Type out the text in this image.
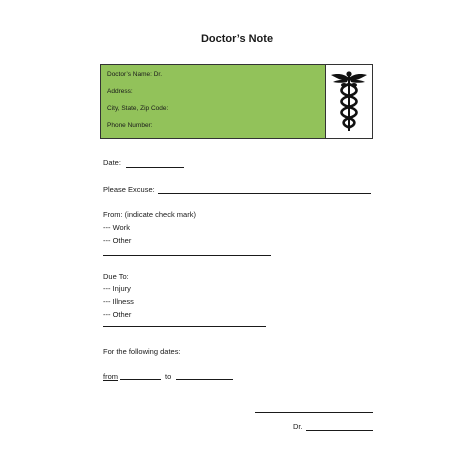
Doctor’s Note
Doctor’s Name: Dr.
Address:
City, State, Zip Code:
Phone Number:
Date:
Please Excuse:
From: (indicate check mark)
--- Work
--- Other
Due To:
--- Injury
--- Illness
--- Other
For the following dates:
from	to
Dr.
